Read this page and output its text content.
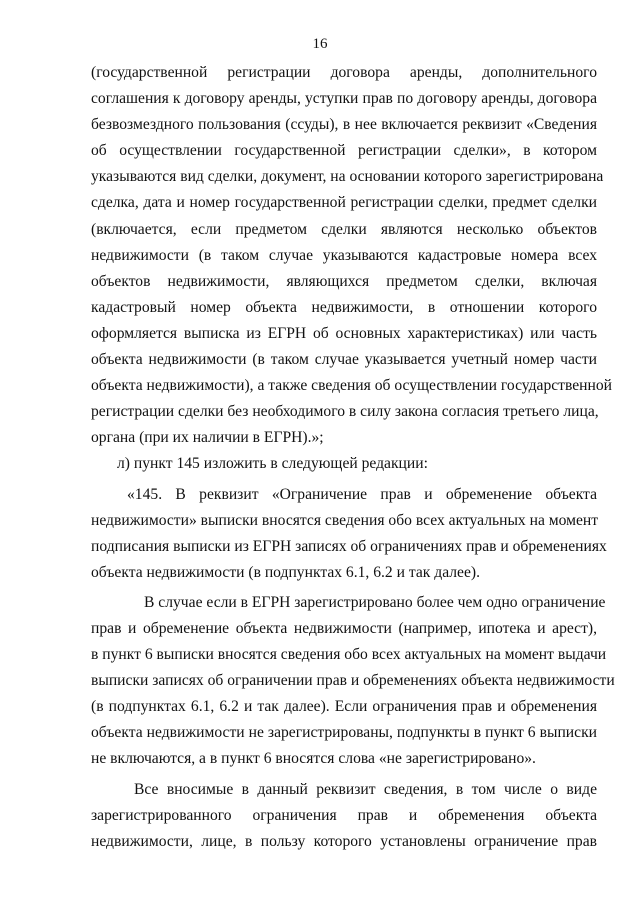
16
(государственной регистрации договора аренды, дополнительного
соглашения к договору аренды, уступки прав по договору аренды, договора
безвозмездного пользования (ссуды), в нее включается реквизит «Сведения
об осуществлении государственной регистрации сделки», в котором
указываются вид сделки, документ, на основании которого зарегистрирована
сделка, дата и номер государственной регистрации сделки, предмет сделки
(включается, если предметом сделки являются несколько объектов
недвижимости (в таком случае указываются кадастровые номера всех
объектов недвижимости, являющихся предметом сделки, включая
кадастровый номер объекта недвижимости, в отношении которого
оформляется выписка из ЕГРН об основных характеристиках) или часть
объекта недвижимости (в таком случае указывается учетный номер части
объекта недвижимости), а также сведения об осуществлении государственной
регистрации сделки без необходимого в силу закона согласия третьего лица,
органа (при их наличии в ЕГРН).»;
л) пункт 145 изложить в следующей редакции:
«145. В реквизит «Ограничение прав и обременение объекта
недвижимости» выписки вносятся сведения обо всех актуальных на момент
подписания выписки из ЕГРН записях об ограничениях прав и обременениях
объекта недвижимости (в подпунктах 6.1, 6.2 и так далее).
В случае если в ЕГРН зарегистрировано более чем одно ограничение
прав и обременение объекта недвижимости (например, ипотека и арест),
в пункт 6 выписки вносятся сведения обо всех актуальных на момент выдачи
выписки записях об ограничении прав и обременениях объекта недвижимости
(в подпунктах 6.1, 6.2 и так далее). Если ограничения прав и обременения
объекта недвижимости не зарегистрированы, подпункты в пункт 6 выписки
не включаются, а в пункт 6 вносятся слова «не зарегистрировано».
Все вносимые в данный реквизит сведения, в том числе о виде
зарегистрированного ограничения прав и обременения объекта
недвижимости, лице, в пользу которого установлены ограничение прав
